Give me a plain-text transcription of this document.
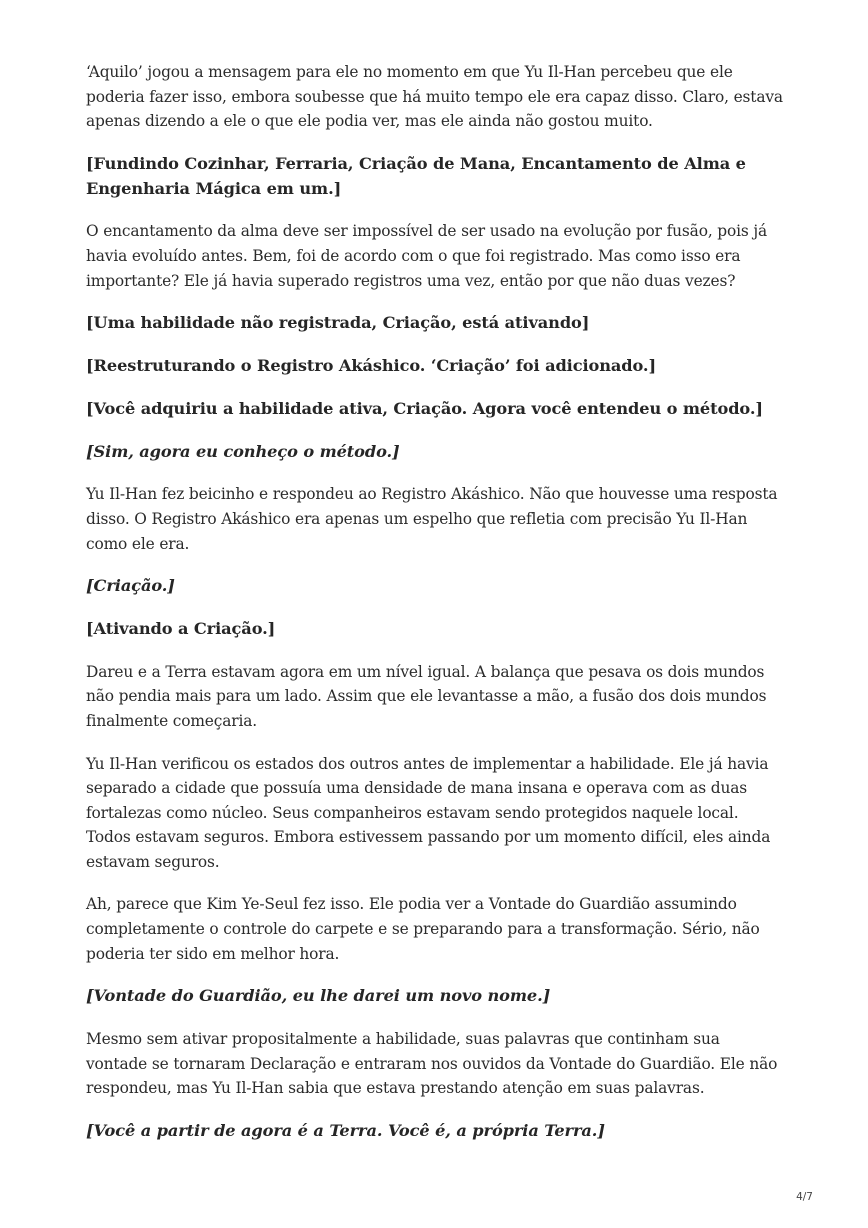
‘Aquilo’ jogou a mensagem para ele no momento em que Yu Il-Han percebeu que ele
poderia fazer isso, embora soubesse que há muito tempo ele era capaz disso. Claro, estava
apenas dizendo a ele o que ele podia ver, mas ele ainda não gostou muito.

[Fundindo Cozinhar, Ferraria, Criação de Mana, Encantamento de Alma e
Engenharia Mágica em um.]

O encantamento da alma deve ser impossível de ser usado na evolução por fusão, pois já
havia evoluído antes. Bem, foi de acordo com o que foi registrado. Mas como isso era
importante? Ele já havia superado registros uma vez, então por que não duas vezes?

[Uma habilidade não registrada, Criação, está ativando]
[Reestruturando o Registro Akáshico. ‘Criação’ foi adicionado.]
[Você adquiriu a habilidade ativa, Criação. Agora você entendeu o método.]
[Sim, agora eu conheço o método.]

Yu Il-Han fez beicinho e respondeu ao Registro Akáshico. Não que houvesse uma resposta
disso. O Registro Akáshico era apenas um espelho que refletia com precisão Yu Il-Han
como ele era.

[Criação.]
[Ativando a Criação.]

Dareu e a Terra estavam agora em um nível igual. A balança que pesava os dois mundos
não pendia mais para um lado. Assim que ele levantasse a mão, a fusão dos dois mundos
finalmente começaria.

Yu Il-Han verificou os estados dos outros antes de implementar a habilidade. Ele já havia
separado a cidade que possuía uma densidade de mana insana e operava com as duas
fortalezas como núcleo. Seus companheiros estavam sendo protegidos naquele local.
Todos estavam seguros. Embora estivessem passando por um momento difícil, eles ainda
estavam seguros.

Ah, parece que Kim Ye-Seul fez isso. Ele podia ver a Vontade do Guardião assumindo
completamente o controle do carpete e se preparando para a transformação. Sério, não
poderia ter sido em melhor hora.

[Vontade do Guardião, eu lhe darei um novo nome.]

Mesmo sem ativar propositalmente a habilidade, suas palavras que continham sua
vontade se tornaram Declaração e entraram nos ouvidos da Vontade do Guardião. Ele não
respondeu, mas Yu Il-Han sabia que estava prestando atenção em suas palavras.

[Você a partir de agora é a Terra. Você é, a própria Terra.]
4/7
